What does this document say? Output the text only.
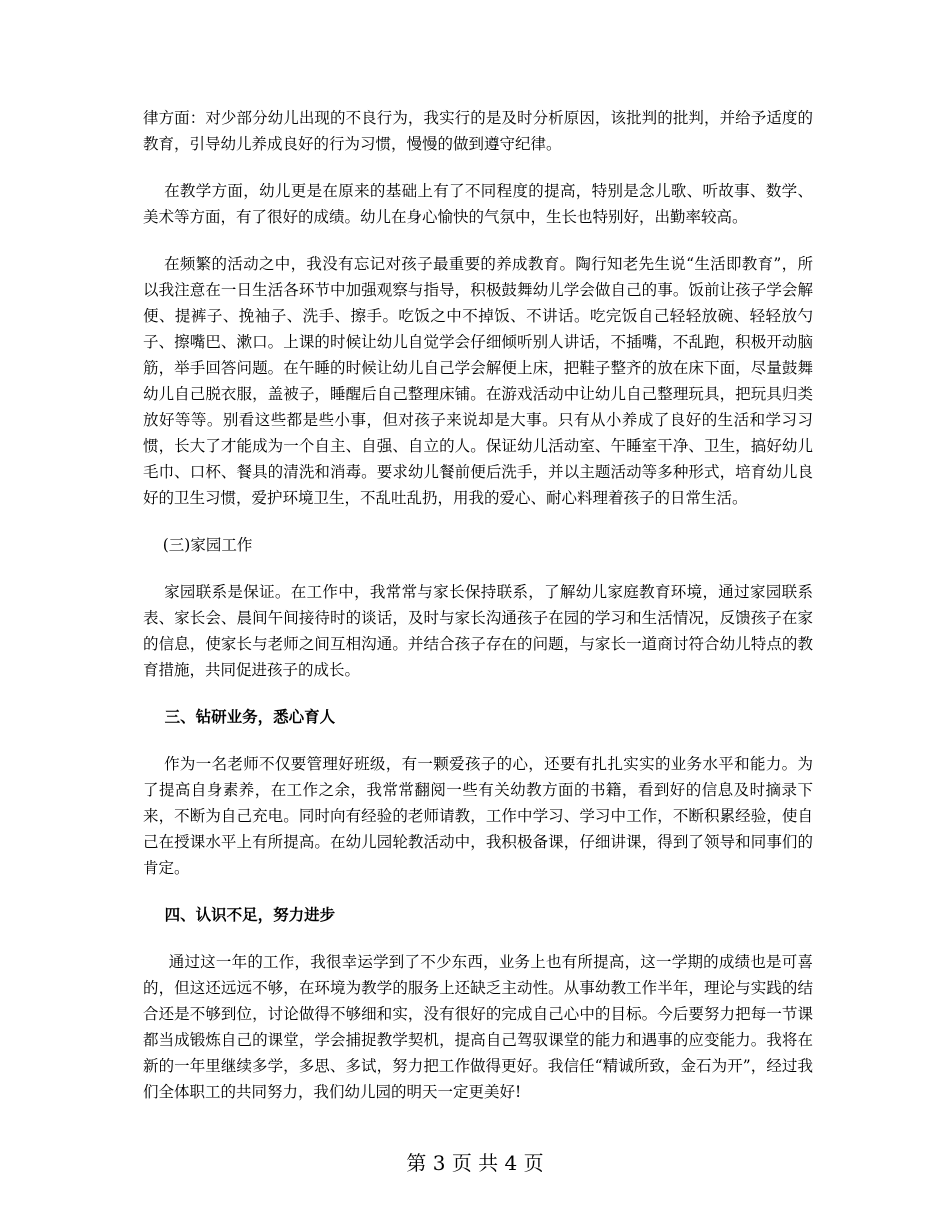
律方面：对少部分幼儿出现的不良行为，我实行的是及时分析原因，该批判的批判，并给予适度的教育，引导幼儿养成良好的行为习惯，慢慢的做到遵守纪律。

在教学方面，幼儿更是在原来的基础上有了不同程度的提高，特别是念儿歌、听故事、数学、美术等方面，有了很好的成绩。幼儿在身心愉快的气氛中，生长也特别好，出勤率较高。

在频繁的活动之中，我没有忘记对孩子最重要的养成教育。陶行知老先生说“生活即教育”，所以我注意在一日生活各环节中加强观察与指导，积极鼓舞幼儿学会做自己的事。饭前让孩子学会解便、提裤子、挽袖子、洗手、擦手。吃饭之中不掉饭、不讲话。吃完饭自己轻轻放碗、轻轻放勺子、擦嘴巴、漱口。上课的时候让幼儿自觉学会仔细倾听别人讲话，不插嘴，不乱跑，积极开动脑筋，举手回答问题。在午睡的时候让幼儿自己学会解便上床，把鞋子整齐的放在床下面，尽量鼓舞 幼儿自己脱衣服，盖被子，睡醒后自己整理床铺。在游戏活动中让幼儿自己整理玩具，把玩具归类放好等等。别看这些都是些小事，但对孩子来说却是大事。只有从小养成了良好的生活和学习习惯，长大了才能成为一个自主、自强、自立的人。保证幼儿活动室、午睡室干净、卫生，搞好幼儿毛巾、口杯、餐具的清洗和消毒。要求幼儿餐前便后洗手，并以主题活动等多种形式，培育幼儿良好的卫生习惯，爱护环境卫生，不乱吐乱扔，用我的爱心、耐心料理着孩子的日常生活。

(三)家园工作

家园联系是保证。在工作中，我常常与家长保持联系，了解幼儿家庭教育环境，通过家园联系表、家长会、晨间午间接待时的谈话，及时与家长沟通孩子在园的学习和生活情况，反馈孩子在家的信息，使家长与老师之间互相沟通。并结合孩子存在的问题，与家长一道商讨符合幼儿特点的教育措施，共同促进孩子的成长。

三、钻研业务，悉心育人

作为一名老师不仅要管理好班级，有一颗爱孩子的心，还要有扎扎实实的业务水平和能力。为了提高自身素养，在工作之余，我常常翻阅一些有关幼教方面的书籍，看到好的信息及时摘录下来，不断为自己充电。同时向有经验的老师请教，工作中学习、学习中工作，不断积累经验，使自己在授课水平上有所提高。在幼儿园轮教活动中，我积极备课，仔细讲课，得到了领导和同事们的肯定。

四、认识不足，努力进步

通过这一年的工作，我很幸运学到了不少东西，业务上也有所提高，这一学期的成绩也是可喜的，但这还远远不够，在环境为教学的服务上还缺乏主动性。从事幼教工作半年，理论与实践的结合还是不够到位，讨论做得不够细和实，没有很好的完成自己心中的目标。今后要努力把每一节课都当成锻炼自己的课堂，学会捕捉教学契机，提高自己驾驭课堂的能力和遇事的应变能力。我将在新的一年里继续多学，多思、多试，努力把工作做得更好。我信任“精诚所致，金石为开”，经过我们全体职工的共同努力，我们幼儿园的明天一定更美好!

第 3 页 共 4 页
